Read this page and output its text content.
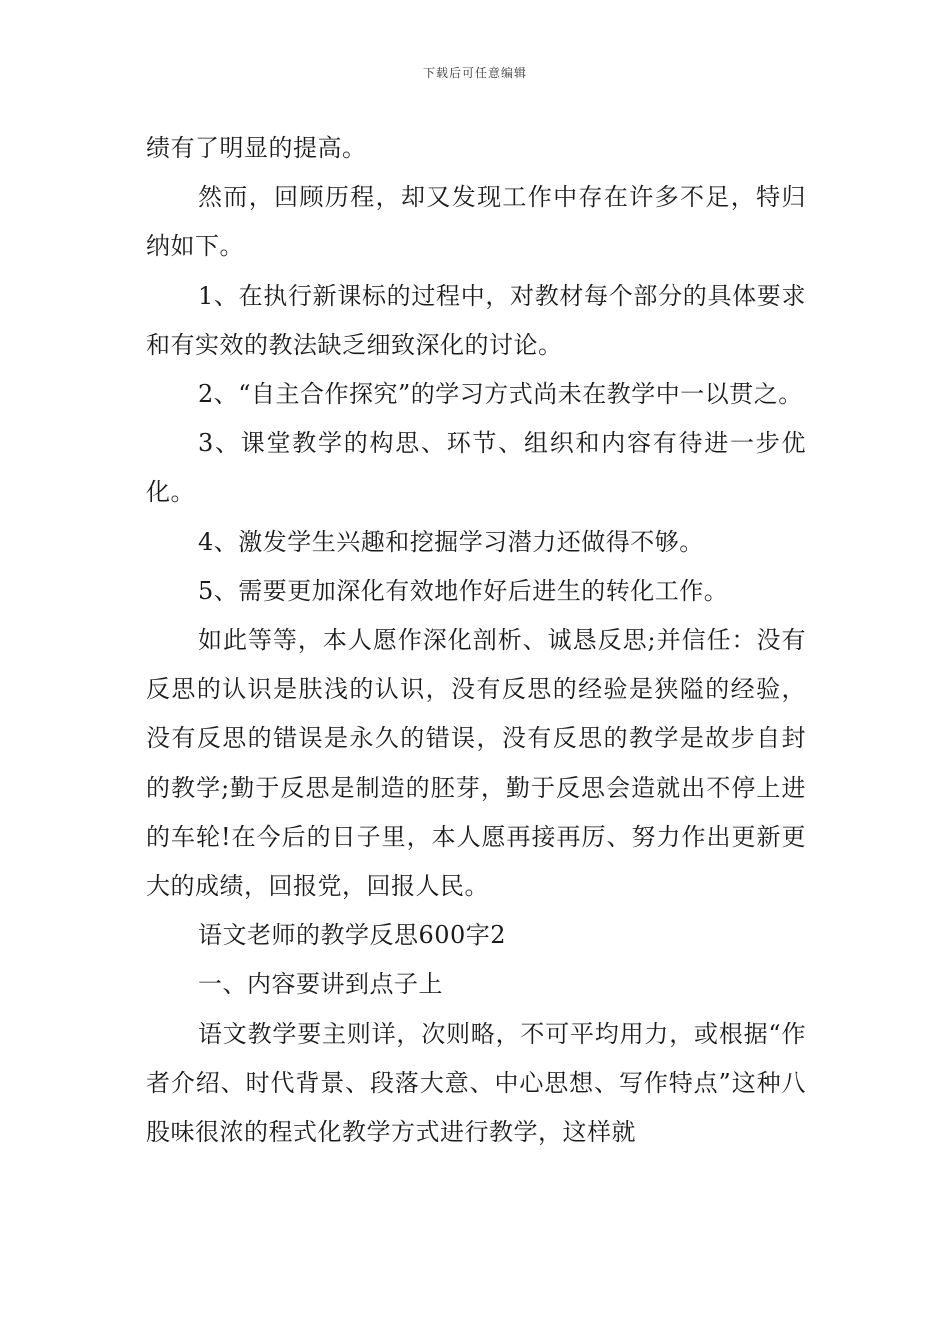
下载后可任意编辑

绩有了明显的提高。

然而，回顾历程，却又发现工作中存在许多不足，特归纳如下。

1、在执行新课标的过程中，对教材每个部分的具体要求和有实效的教法缺乏细致深化的讨论。

2、“自主合作探究”的学习方式尚未在教学中一以贯之。

3、课堂教学的构思、环节、组织和内容有待进一步优化。

4、激发学生兴趣和挖掘学习潜力还做得不够。

5、需要更加深化有效地作好后进生的转化工作。

如此等等，本人愿作深化剖析、诚恳反思;并信任：没有反思的认识是肤浅的认识，没有反思的经验是狭隘的经验，没有反思的错误是永久的错误，没有反思的教学是故步自封的教学;勤于反思是制造的胚芽，勤于反思会造就出不停上进的车轮!在今后的日子里，本人愿再接再厉、努力作出更新更大的成绩，回报党，回报人民。

语文老师的教学反思600字2

一、内容要讲到点子上

语文教学要主则详，次则略，不可平均用力，或根据“作者介绍、时代背景、段落大意、中心思想、写作特点”这种八股味很浓的程式化教学方式进行教学，这样就
